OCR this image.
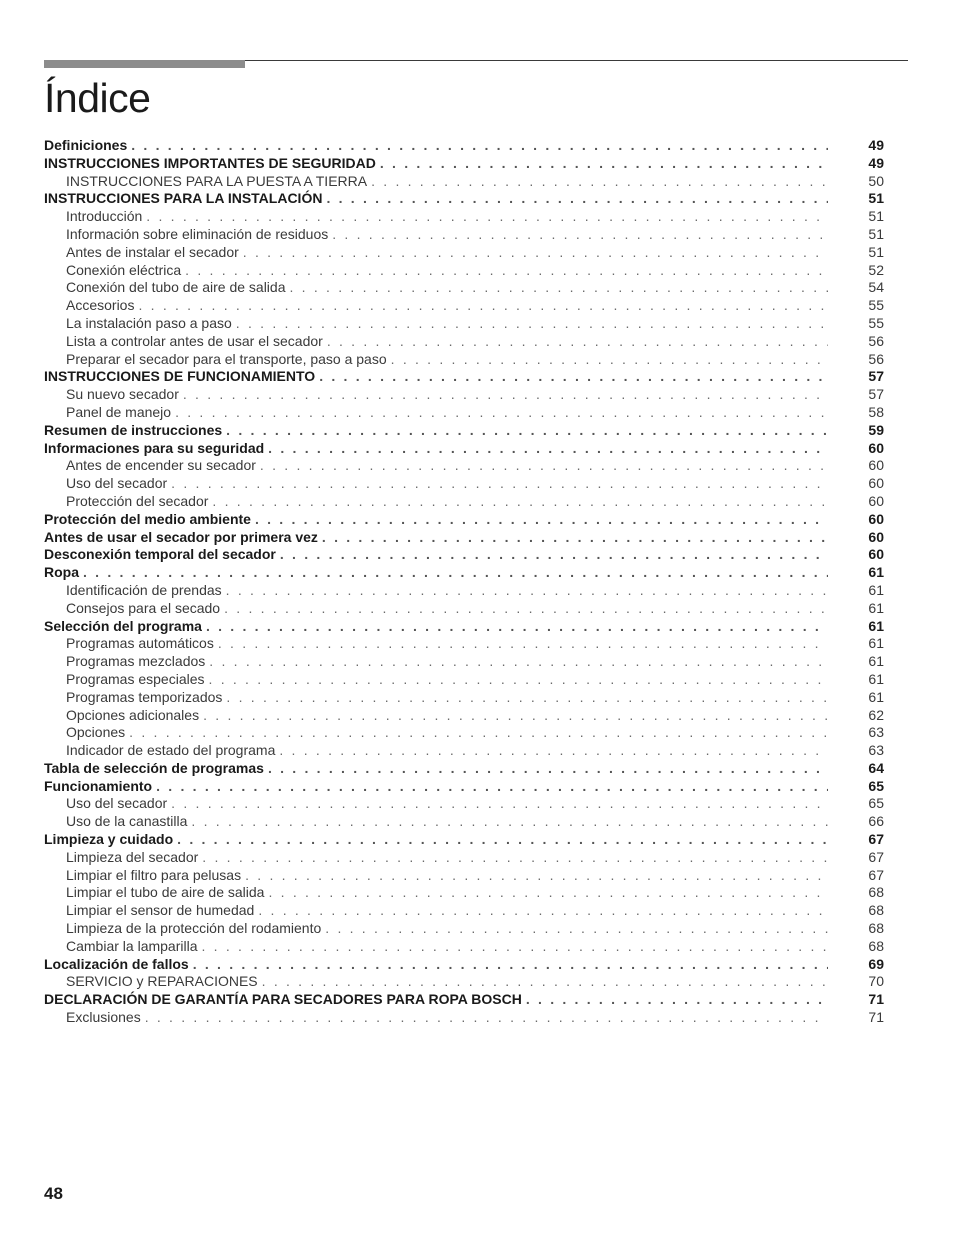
Índice
Definiciones . . .	49
INSTRUCCIONES IMPORTANTES DE SEGURIDAD . . .	49
INSTRUCCIONES PARA LA PUESTA A TIERRA . . .	50
INSTRUCCIONES PARA LA INSTALACIÓN . . .	51
Introducción . . .	51
Información sobre eliminación de residuos . . .	51
Antes de instalar el secador . . .	51
Conexión eléctrica . . .	52
Conexión del tubo de aire de salida . . .	54
Accesorios . . .	55
La instalación paso a paso . . .	55
Lista a controlar antes de usar el secador . . .	56
Preparar el secador para el transporte, paso a paso . . .	56
INSTRUCCIONES DE FUNCIONAMIENTO . . .	57
Su nuevo secador . . .	57
Panel de manejo . . .	58
Resumen de instrucciones . . .	59
Informaciones para su seguridad . . .	60
Antes de encender su secador . . .	60
Uso del secador . . .	60
Protección del secador . . .	60
Protección del medio ambiente . . .	60
Antes de usar el secador por primera vez . . .	60
Desconexión temporal del secador . . .	60
Ropa . . .	61
Identificación de prendas . . .	61
Consejos para el secado . . .	61
Selección del programa . . .	61
Programas automáticos . . .	61
Programas mezclados . . .	61
Programas especiales . . .	61
Programas temporizados . . .	61
Opciones adicionales . . .	62
Opciones . . .	63
Indicador de estado del programa . . .	63
Tabla de selección de programas . . .	64
Funcionamiento . . .	65
Uso del secador . . .	65
Uso de la canastilla . . .	66
Limpieza y cuidado . . .	67
Limpieza del secador . . .	67
Limpiar el filtro para pelusas . . .	67
Limpiar el tubo de aire de salida . . .	68
Limpiar el sensor de humedad . . .	68
Limpieza de la protección del rodamiento . . .	68
Cambiar la lamparilla . . .	68
Localización de fallos . . .	69
SERVICIO y REPARACIONES . . .	70
DECLARACIÓN DE GARANTÍA PARA SECADORES PARA ROPA BOSCH . . .	71
Exclusiones . . .	71
48
